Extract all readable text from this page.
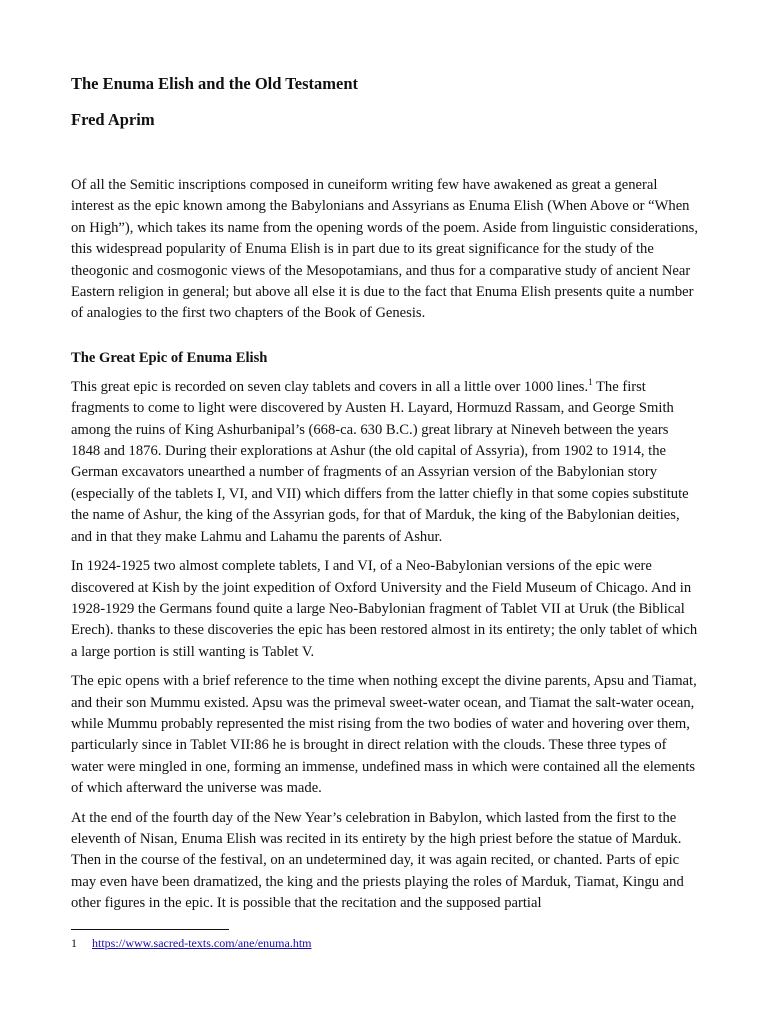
The Enuma Elish and the Old Testament
Fred Aprim

Of all the Semitic inscriptions composed in cuneiform writing few have awakened as great a general interest as the epic known among the Babylonians and Assyrians as Enuma Elish (When Above or “When on High”), which takes its name from the opening words of the poem. Aside from linguistic considerations, this widespread popularity of Enuma Elish is in part due to its great significance for the study of the theogonic and cosmogonic views of the Mesopotamians, and thus for a comparative study of ancient Near Eastern religion in general; but above all else it is due to the fact that Enuma Elish presents quite a number of analogies to the first two chapters of the Book of Genesis.

The Great Epic of Enuma Elish

This great epic is recorded on seven clay tablets and covers in all a little over 1000 lines.$^1$ The first fragments to come to light were discovered by Austen H. Layard, Hormuzd Rassam, and George Smith among the ruins of King Ashurbanipal’s (668-ca. 630 B.C.) great library at Nineveh between the years 1848 and 1876. During their explorations at Ashur (the old capital of Assyria), from 1902 to 1914, the German excavators unearthed a number of fragments of an Assyrian version of the Babylonian story (especially of the tablets I, VI, and VII) which differs from the latter chiefly in that some copies substitute the name of Ashur, the king of the Assyrian gods, for that of Marduk, the king of the Babylonian deities, and in that they make Lahmu and Lahamu the parents of Ashur.

In 1924-1925 two almost complete tablets, I and VI, of a Neo-Babylonian versions of the epic were discovered at Kish by the joint expedition of Oxford University and the Field Museum of Chicago. And in 1928-1929 the Germans found quite a large Neo-Babylonian fragment of Tablet VII at Uruk (the Biblical Erech). thanks to these discoveries the epic has been restored almost in its entirety; the only tablet of which a large portion is still wanting is Tablet V.

The epic opens with a brief reference to the time when nothing except the divine parents, Apsu and Tiamat, and their son Mummu existed. Apsu was the primeval sweet-water ocean, and Tiamat the salt-water ocean, while Mummu probably represented the mist rising from the two bodies of water and hovering over them, particularly since in Tablet VII:86 he is brought in direct relation with the clouds. These three types of water were mingled in one, forming an immense, undefined mass in which were contained all the elements of which afterward the universe was made.

At the end of the fourth day of the New Year’s celebration in Babylon, which lasted from the first to the eleventh of Nisan, Enuma Elish was recited in its entirety by the high priest before the statue of Marduk. Then in the course of the festival, on an undetermined day, it was again recited, or chanted. Parts of epic may even have been dramatized, the king and the priests playing the roles of Marduk, Tiamat, Kingu and other figures in the epic. It is possible that the recitation and the supposed partial

1 https://www.sacred-texts.com/ane/enuma.htm
